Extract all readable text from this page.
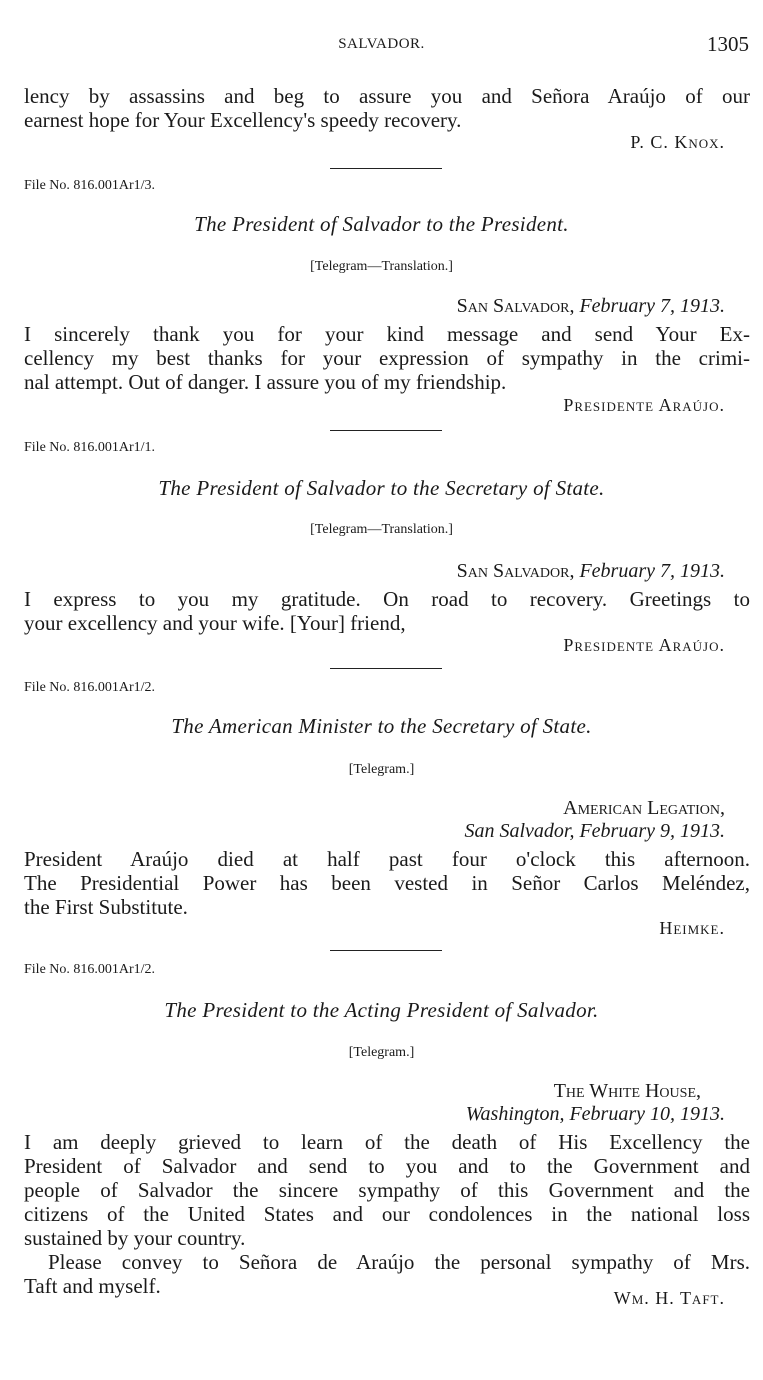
SALVADOR.	1305
lency by assassins and beg to assure you and Señora Araújo of our
earnest hope for Your Excellency's speedy recovery.
P. C. Knox.
File No. 816.001Ar1/3.
The President of Salvador to the President.
[Telegram—Translation.]
San Salvador, February 7, 1913.
I sincerely thank you for your kind message and send Your Ex-
cellency my best thanks for your expression of sympathy in the crimi-
nal attempt. Out of danger. I assure you of my friendship.
Presidente Araújo.
File No. 816.001Ar1/1.
The President of Salvador to the Secretary of State.
[Telegram—Translation.]
San Salvador, February 7, 1913.
I express to you my gratitude. On road to recovery. Greetings to
your excellency and your wife. [Your] friend,
Presidente Araújo.
File No. 816.001Ar1/2.
The American Minister to the Secretary of State.
[Telegram.]
American Legation,
San Salvador, February 9, 1913.
President Araújo died at half past four o'clock this afternoon.
The Presidential Power has been vested in Señor Carlos Meléndez,
the First Substitute.
Heimke.
File No. 816.001Ar1/2.
The President to the Acting President of Salvador.
[Telegram.]
The White House,
Washington, February 10, 1913.
I am deeply grieved to learn of the death of His Excellency the
President of Salvador and send to you and to the Government and
people of Salvador the sincere sympathy of this Government and the
citizens of the United States and our condolences in the national loss
sustained by your country.
Please convey to Señora de Araújo the personal sympathy of Mrs.
Taft and myself.	Wm. H. Taft.
